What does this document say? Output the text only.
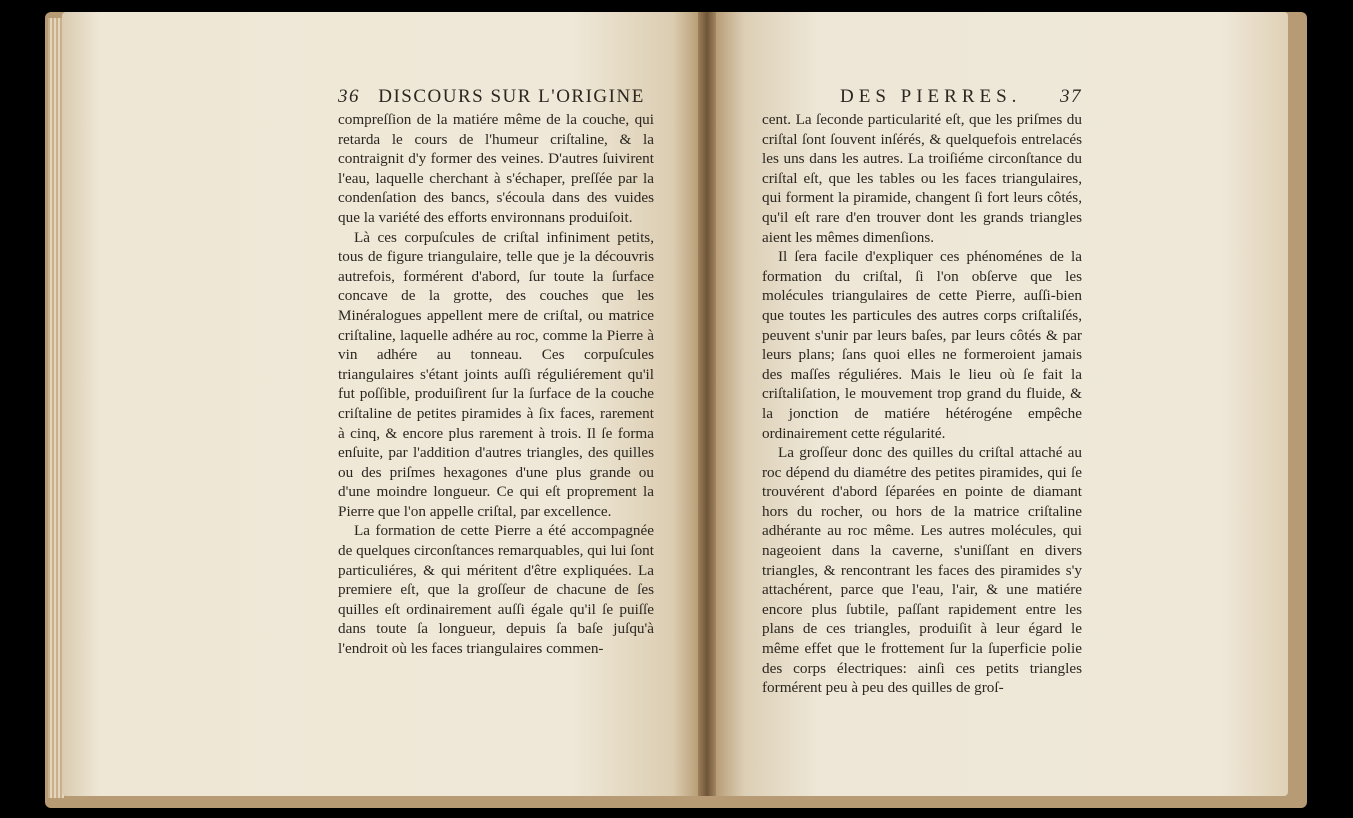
36 DISCOURS SUR L'ORIGINE

compreſſion de la matiére même de la couche, qui retarda le cours de l'humeur criſtaline, & la contraignit d'y former des veines. D'autres ſuivirent l'eau, laquelle cherchant à s'échaper, preſſée par la condenſation des bancs, s'écoula dans des vuides que la variété des efforts environnans produiſoit.

Là ces corpuſcules de criſtal infiniment petits, tous de figure triangulaire, telle que je la découvris autrefois, formérent d'abord, ſur toute la ſurface concave de la grotte, des couches que les Minéralogues appellent mere de criſtal, ou matrice criſtaline, laquelle adhére au roc, comme la Pierre à vin adhére au tonneau. Ces corpuſcules triangulaires s'étant joints auſſi réguliérement qu'il fut poſſible, produiſirent ſur la ſurface de la couche criſtaline de petites piramides à ſix faces, rarement à cinq, & encore plus rarement à trois. Il ſe forma enſuite, par l'addition d'autres triangles, des quilles ou des priſmes hexagones d'une plus grande ou d'une moindre longueur. Ce qui eſt proprement la Pierre que l'on appelle criſtal, par excellence.

La formation de cette Pierre a été accompagnée de quelques circonſtances remarquables, qui lui ſont particuliéres, & qui méritent d'être expliquées. La premiere eſt, que la groſſeur de chacune de ſes quilles eſt ordinairement auſſi égale qu'il ſe puiſſe dans toute ſa longueur, depuis ſa baſe juſqu'à l'endroit où les faces triangulaires commen-

DES PIERRES. 37

cent. La ſeconde particularité eſt, que les priſmes du criſtal ſont ſouvent inſérés, & quelquefois entrelacés les uns dans les autres. La troiſiéme circonſtance du criſtal eſt, que les tables ou les faces triangulaires, qui forment la piramide, changent ſi fort leurs côtés, qu'il eſt rare d'en trouver dont les grands triangles aient les mêmes dimenſions.

Il ſera facile d'expliquer ces phénoménes de la formation du criſtal, ſi l'on obſerve que les molécules triangulaires de cette Pierre, auſſi-bien que toutes les particules des autres corps criſtaliſés, peuvent s'unir par leurs baſes, par leurs côtés & par leurs plans; ſans quoi elles ne formeroient jamais des maſſes réguliéres. Mais le lieu où ſe fait la criſtaliſation, le mouvement trop grand du fluide, & la jonction de matiére hétérogéne empêche ordinairement cette régularité.

La groſſeur donc des quilles du criſtal attaché au roc dépend du diamétre des petites piramides, qui ſe trouvérent d'abord ſéparées en pointe de diamant hors du rocher, ou hors de la matrice criſtaline adhérante au roc même. Les autres molécules, qui nageoient dans la caverne, s'uniſſant en divers triangles, & rencontrant les faces des piramides s'y attachérent, parce que l'eau, l'air, & une matiére encore plus ſubtile, paſſant rapidement entre les plans de ces triangles, produiſit à leur égard le même effet que le frottement ſur la ſuperficie polie des corps électriques: ainſi ces petits triangles formérent peu à peu des quilles de groſ-
